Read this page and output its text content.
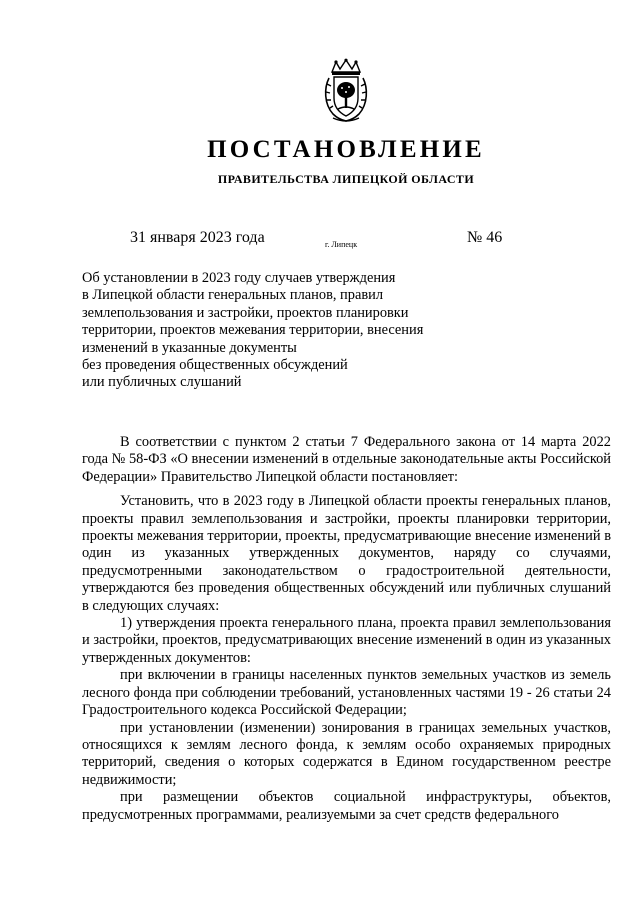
ПОСТАНОВЛЕНИЕ
ПРАВИТЕЛЬСТВА ЛИПЕЦКОЙ ОБЛАСТИ
31 января 2023 года	г. Липецк	№ 46
Об установлении в 2023 году случаев утверждения
в Липецкой области генеральных планов, правил
землепользования и застройки, проектов планировки
территории, проектов межевания территории, внесения
изменений в указанные документы
без проведения общественных обсуждений
или публичных слушаний

В соответствии с пунктом 2 статьи 7 Федерального закона от 14 марта 2022 года № 58-ФЗ «О внесении изменений в отдельные законодательные акты Российской Федерации» Правительство Липецкой области постановляет:

Установить, что в 2023 году в Липецкой области проекты генеральных планов, проекты правил землепользования и застройки, проекты планировки территории, проекты межевания территории, проекты, предусматривающие внесение изменений в один из указанных утвержденных документов, наряду со случаями, предусмотренными законодательством о градостроительной деятельности, утверждаются без проведения общественных обсуждений или публичных слушаний в следующих случаях:

1) утверждения проекта генерального плана, проекта правил землепользования и застройки, проектов, предусматривающих внесение изменений в один из указанных утвержденных документов:

при включении в границы населенных пунктов земельных участков из земель лесного фонда при соблюдении требований, установленных частями 19 - 26 статьи 24 Градостроительного кодекса Российской Федерации;

при установлении (изменении) зонирования в границах земельных участков, относящихся к землям лесного фонда, к землям особо охраняемых природных территорий, сведения о которых содержатся в Едином государственном реестре недвижимости;

при размещении объектов социальной инфраструктуры, объектов, предусмотренных программами, реализуемыми за счет средств федерального
